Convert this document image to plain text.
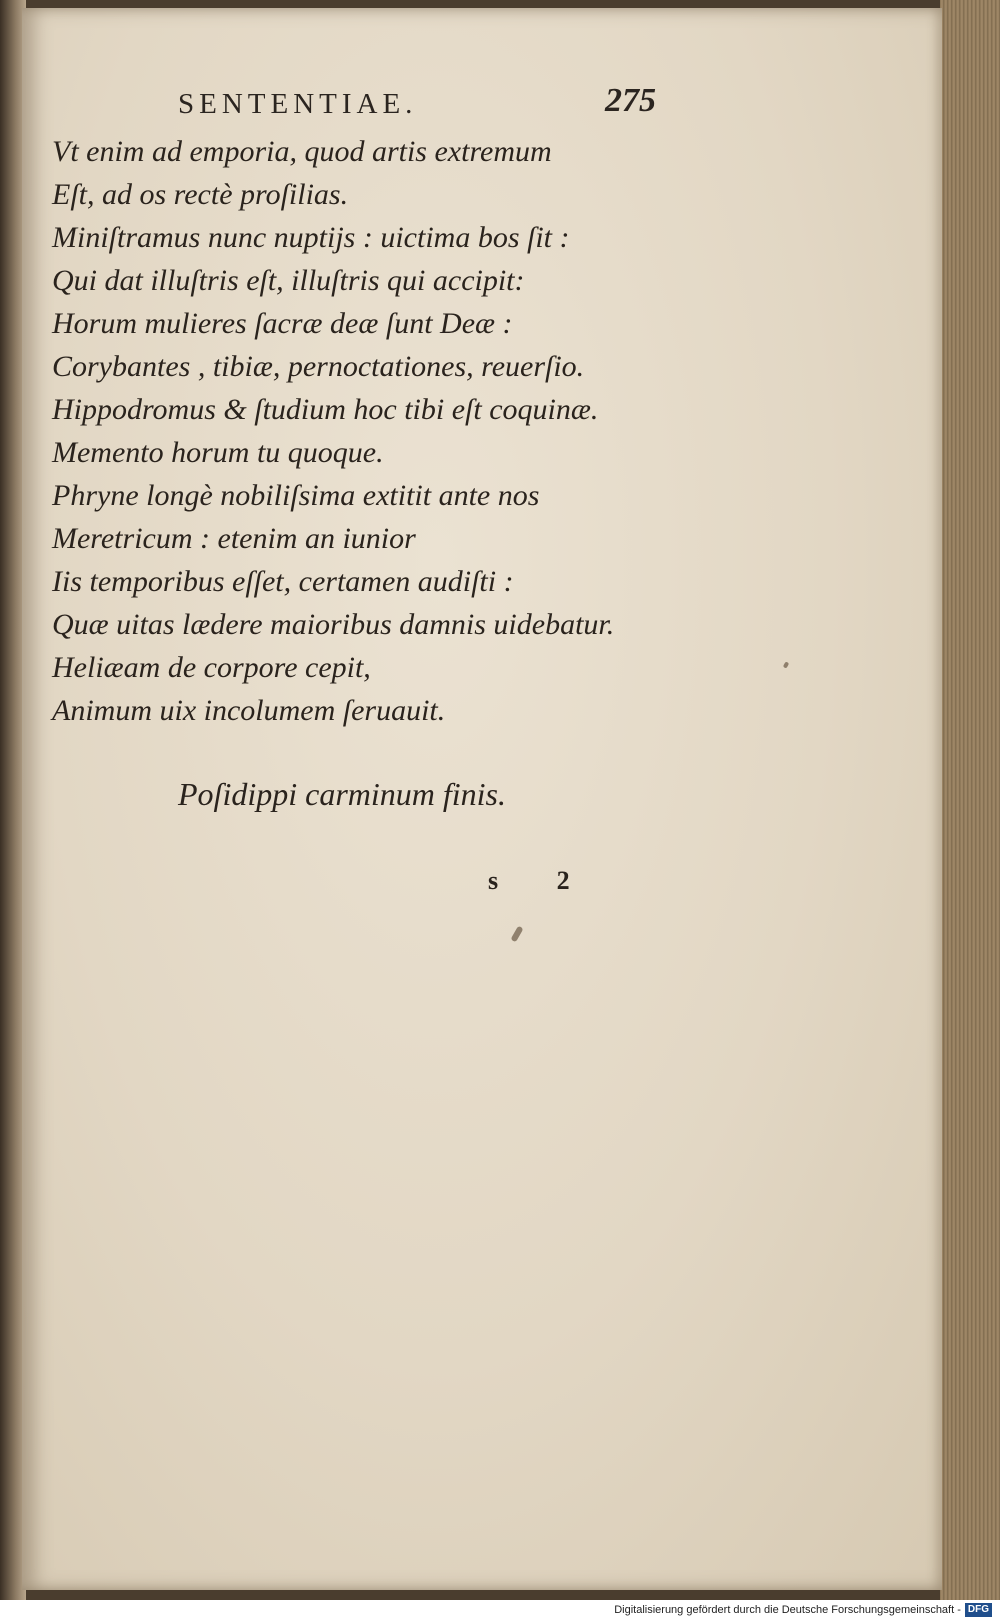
SENTENTIAE.	275
Vt enim ad emporia, quod artis extremum
Eſt, ad os rectè proſilias.
Miniſtramus nunc nuptijs : uictima bos ſit :
Qui dat illuſtris eſt, illuſtris qui accipit:
Horum mulieres ſacræ deæ ſunt Deæ :
Corybantes , tibiæ, pernoctationes, reuerſio.
Hippodromus & ſtudium hoc tibi eſt coquinæ.
Memento horum tu quoque.
Phryne longè nobiliſsima extitit ante nos
Meretricum : etenim an iunior
Iis temporibus eſſet, certamen audiſti :
Quæ uitas lædere maioribus damnis uidebatur.
Heliæam de corpore cepit,
Animum uix incolumem ſeruauit.
Poſidippi carminum finis.
s 2
Digitalisierung gefördert durch die Deutsche Forschungsgemeinschaft - DFG
